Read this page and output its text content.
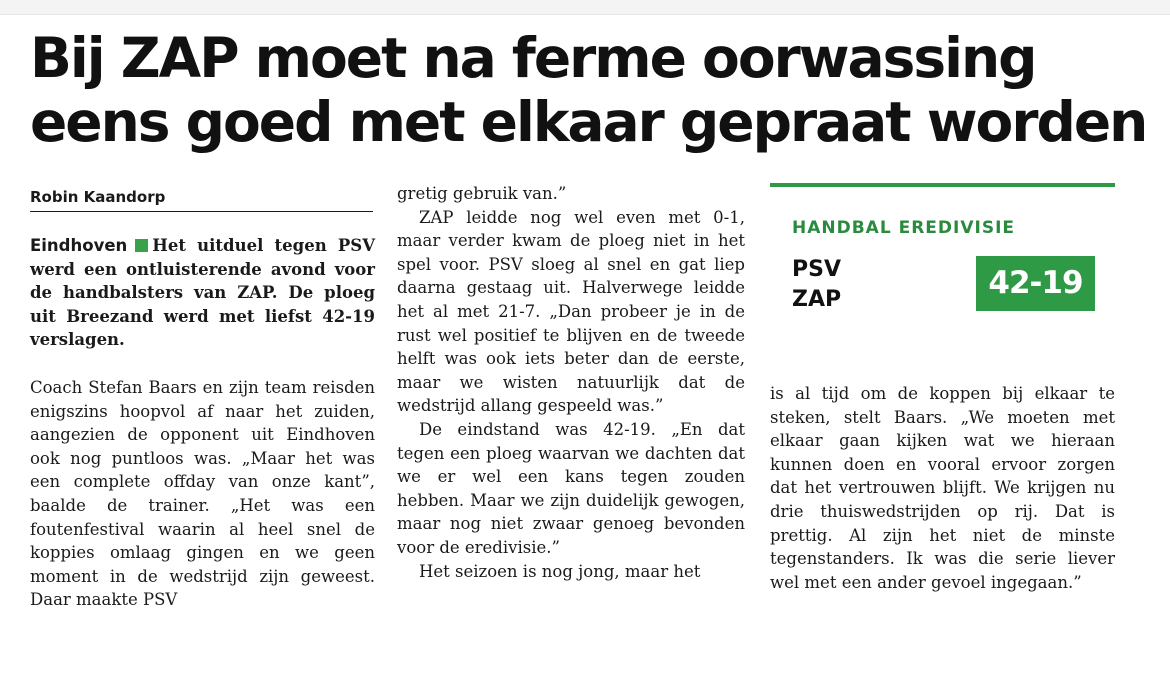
Bij ZAP moet na ferme oorwassing
eens goed met elkaar gepraat worden
Robin Kaandorp

Eindhoven Het uitduel tegen PSV werd een ontluisterende avond voor de handbalsters van ZAP. De ploeg uit Breezand werd met liefst 42-19 verslagen.

Coach Stefan Baars en zijn team reisden enigszins hoopvol af naar het zuiden, aangezien de opponent uit Eindhoven ook nog puntloos was. „Maar het was een complete offday van onze kant”, baalde de trainer. „Het was een foutenfestival waarin al heel snel de koppies omlaag gingen en we geen moment in de wedstrijd zijn geweest. Daar maakte PSV

gretig gebruik van.”

ZAP leidde nog wel even met 0-1, maar verder kwam de ploeg niet in het spel voor. PSV sloeg al snel en gat liep daarna gestaag uit. Halverwege leidde het al met 21-7. „Dan probeer je in de rust wel positief te blijven en de tweede helft was ook iets beter dan de eerste, maar we wisten natuurlijk dat de wedstrijd allang gespeeld was.”

De eindstand was 42-19. „En dat tegen een ploeg waarvan we dachten dat we er wel een kans tegen zouden hebben. Maar we zijn duidelijk gewogen, maar nog niet zwaar genoeg bevonden voor de eredivisie.”

Het seizoen is nog jong, maar het

HANDBAL EREDIVISIE
PSV
ZAP	42-19

is al tijd om de koppen bij elkaar te steken, stelt Baars. „We moeten met elkaar gaan kijken wat we hieraan kunnen doen en vooral ervoor zorgen dat het vertrouwen blijft. We krijgen nu drie thuiswedstrijden op rij. Dat is prettig. Al zijn het niet de minste tegenstanders. Ik was die serie liever wel met een ander gevoel ingegaan.”
